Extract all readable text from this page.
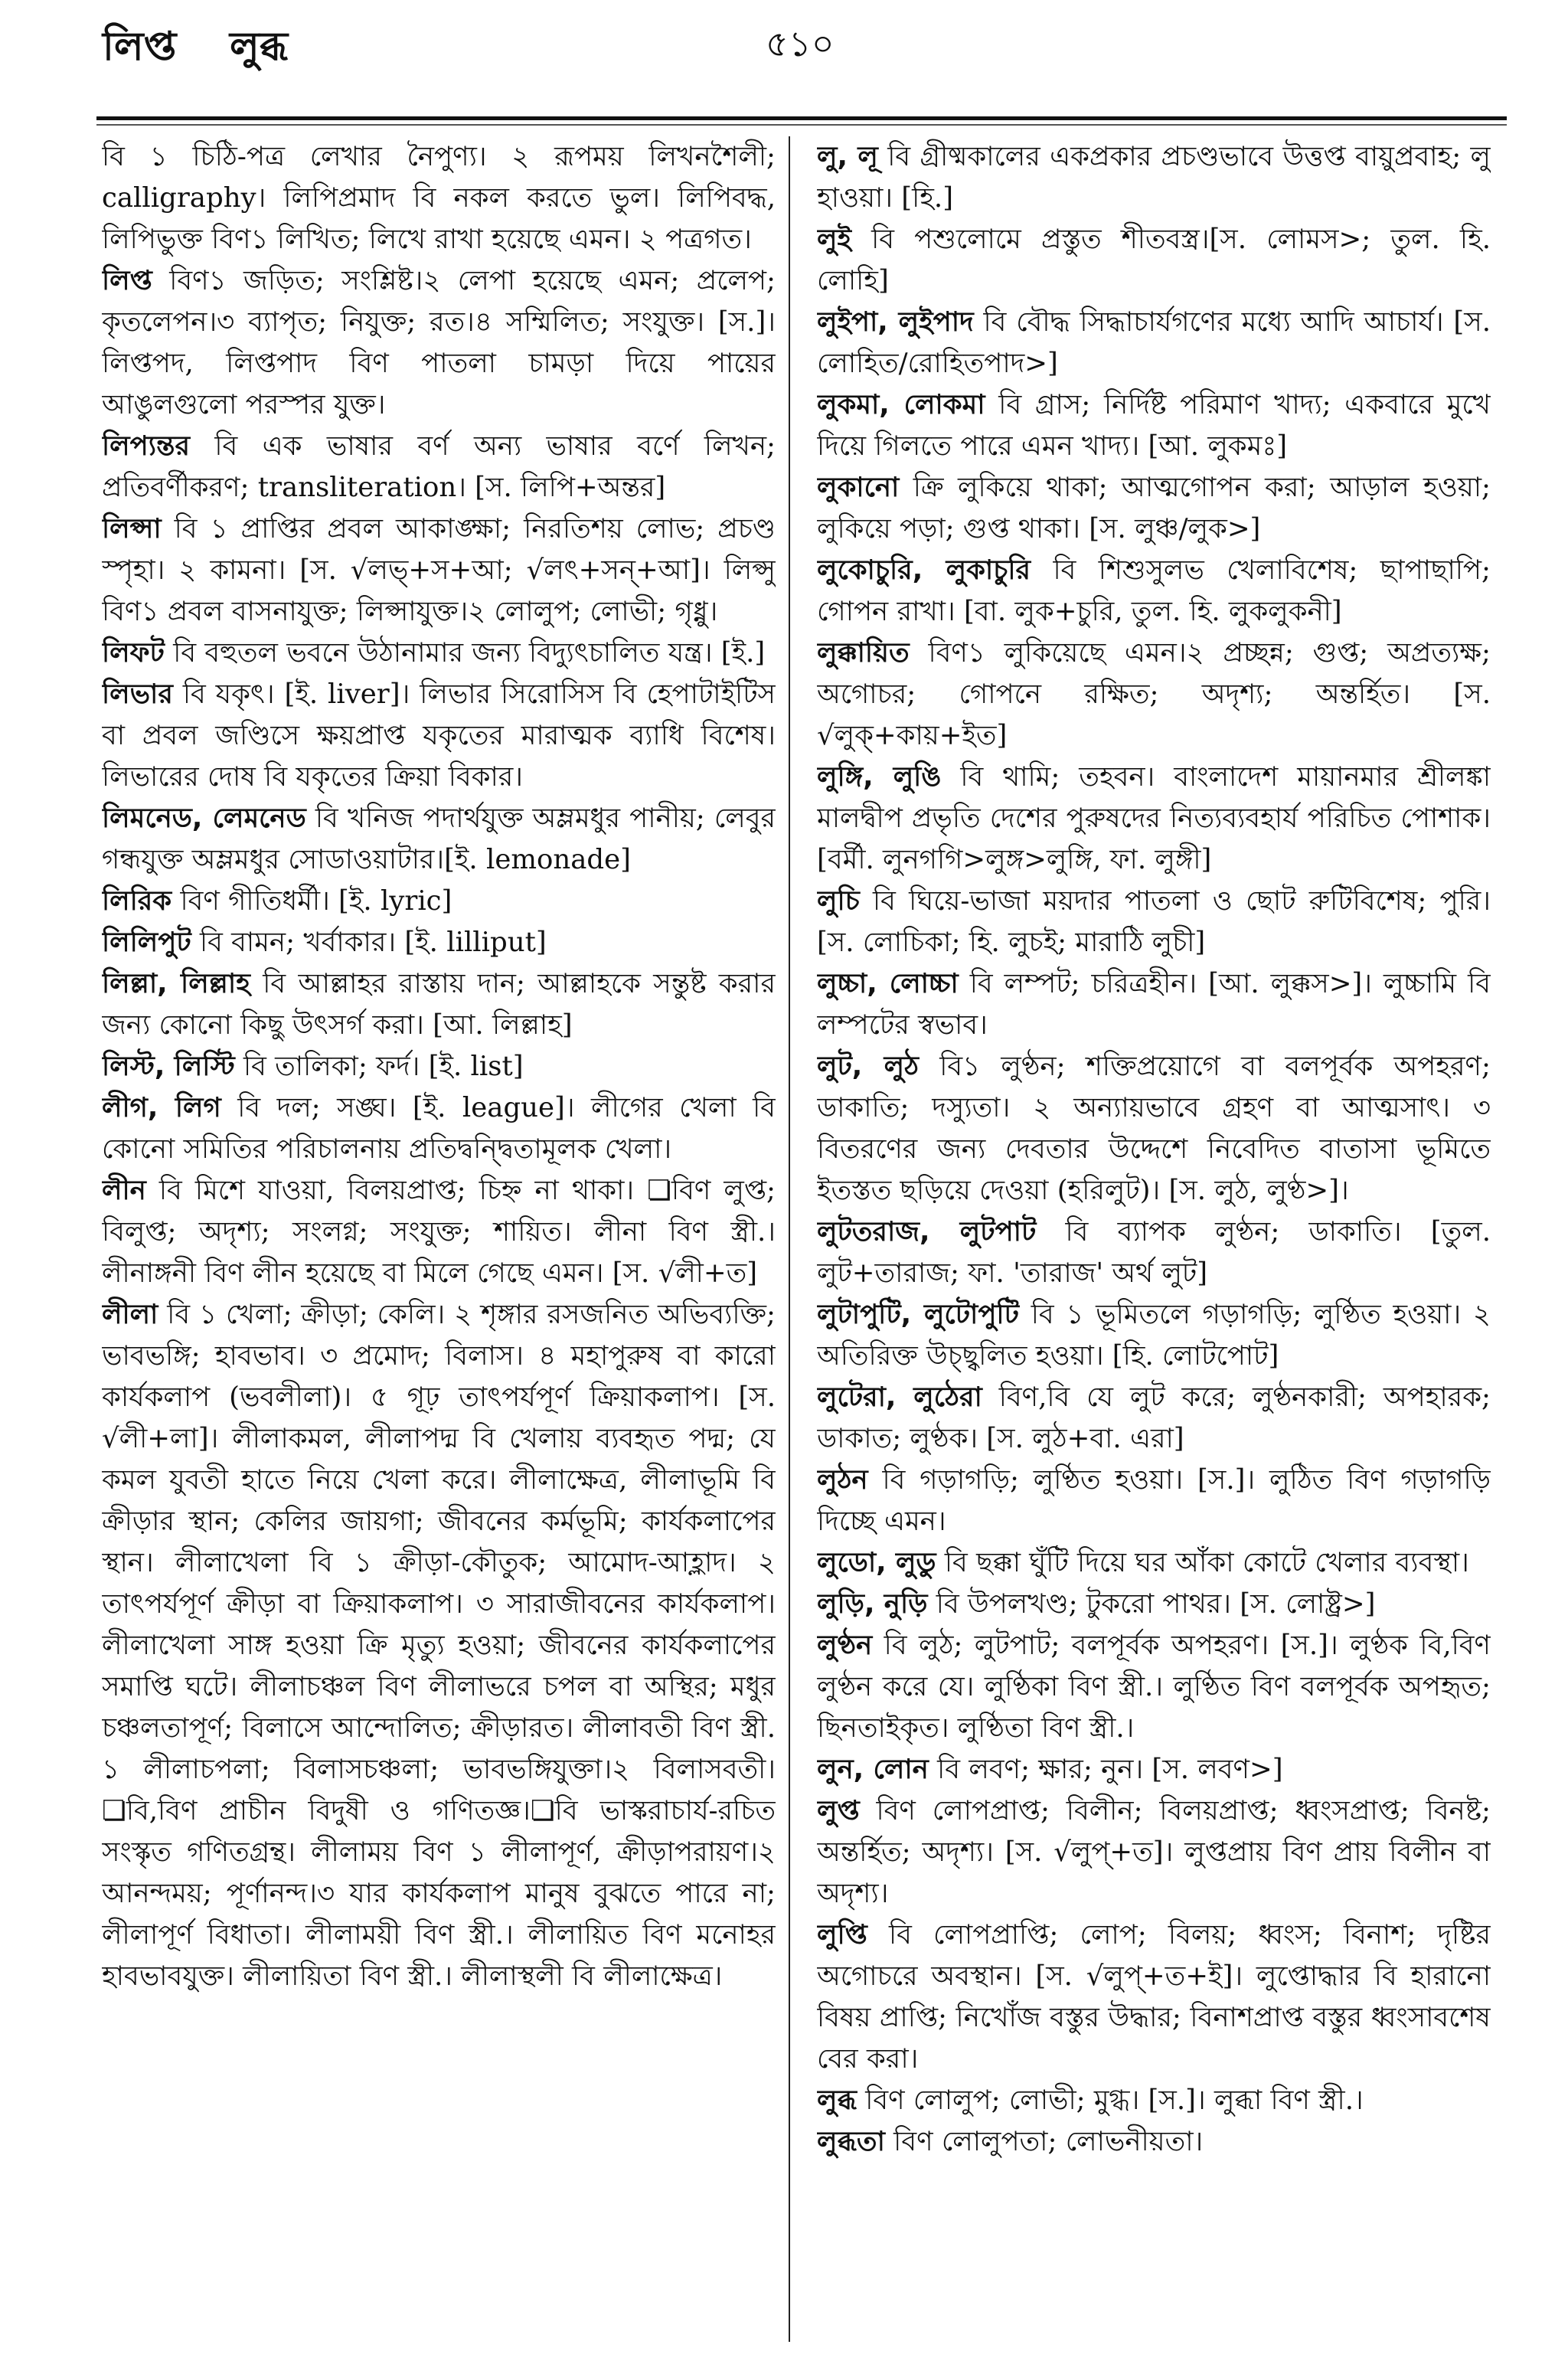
লিপ্ত লুব্ধ	৫১০

বি ১ চিঠি-পত্র লেখার নৈপুণ্য। ২ রূপময় লিখনশৈলী; calligraphy। লিপিপ্রমাদ বি নকল করতে ভুল। লিপিবদ্ধ, লিপিভুক্ত বিণ১ লিখিত; লিখে রাখা হয়েছে এমন। ২ পত্রগত।

লিপ্ত বিণ১ জড়িত; সংশ্লিষ্ট।২ লেপা হয়েছে এমন; প্রলেপ; কৃতলেপন।৩ ব্যাপৃত; নিযুক্ত; রত।৪ সম্মিলিত; সংযুক্ত। [স.]। লিপ্তপদ, লিপ্তপাদ বিণ পাতলা চামড়া দিয়ে পায়ের আঙুলগুলো পরস্পর যুক্ত।

লিপ্যন্তর বি এক ভাষার বর্ণ অন্য ভাষার বর্ণে লিখন; প্রতিবর্ণীকরণ; transliteration। [স. লিপি+অন্তর]

লিপ্সা বি ১ প্রাপ্তির প্রবল আকাঙ্ক্ষা; নিরতিশয় লোভ; প্রচণ্ড স্পৃহা। ২ কামনা। [স. √লভ্+স+আ; √লৎ+সন্+আ]। লিপ্সু বিণ১ প্রবল বাসনাযুক্ত; লিপ্সাযুক্ত।২ লোলুপ; লোভী; গৃধ্নু।

লিফট বি বহুতল ভবনে উঠানামার জন্য বিদ্যুৎচালিত যন্ত্র। [ই.]

লিভার বি যকৃৎ। [ই. liver]। লিভার সিরোসিস বি হেপাটাইটিস বা প্রবল জণ্ডিসে ক্ষয়প্রাপ্ত যকৃতের মারাত্মক ব্যাধি বিশেষ। লিভারের দোষ বি যকৃতের ক্রিয়া বিকার।

লিমনেড, লেমনেড বি খনিজ পদার্থযুক্ত অম্লমধুর পানীয়; লেবুর গন্ধযুক্ত অম্লমধুর সোডাওয়াটার।[ই. lemonade]

লিরিক বিণ গীতিধর্মী। [ই. lyric]

লিলিপুট বি বামন; খর্বাকার। [ই. lilliput]

লিল্লা, লিল্লাহ বি আল্লাহর রাস্তায় দান; আল্লাহকে সন্তুষ্ট করার জন্য কোনো কিছু উৎসর্গ করা। [আ. লিল্লাহ]

লিস্ট, লিস্টি বি তালিকা; ফর্দ। [ই. list]

লীগ, লিগ বি দল; সঙ্ঘ। [ই. league]। লীগের খেলা বি কোনো সমিতির পরিচালনায় প্রতিদ্বন্দ্বিতামূলক খেলা।

লীন বি মিশে যাওয়া, বিলয়প্রাপ্ত; চিহ্ন না থাকা। ❏বিণ লুপ্ত; বিলুপ্ত; অদৃশ্য; সংলগ্ন; সংযুক্ত; শায়িত। লীনা বিণ স্ত্রী.। লীনাঙ্গনী বিণ লীন হয়েছে বা মিলে গেছে এমন। [স. √লী+ত]

লীলা বি ১ খেলা; ক্রীড়া; কেলি। ২ শৃঙ্গার রসজনিত অভিব্যক্তি; ভাবভঙ্গি; হাবভাব। ৩ প্রমোদ; বিলাস। ৪ মহাপুরুষ বা কারো কার্যকলাপ (ভবলীলা)। ৫ গূঢ় তাৎপর্যপূর্ণ ক্রিয়াকলাপ। [স. √লী+লা]। লীলাকমল, লীলাপদ্ম বি খেলায় ব্যবহৃত পদ্ম; যে কমল যুবতী হাতে নিয়ে খেলা করে। লীলাক্ষেত্র, লীলাভূমি বি ক্রীড়ার স্থান; কেলির জায়গা; জীবনের কর্মভূমি; কার্যকলাপের স্থান। লীলাখেলা বি ১ ক্রীড়া-কৌতুক; আমোদ-আহ্লাদ। ২ তাৎপর্যপূর্ণ ক্রীড়া বা ক্রিয়াকলাপ। ৩ সারাজীবনের কার্যকলাপ। লীলাখেলা সাঙ্গ হওয়া ক্রি মৃত্যু হওয়া; জীবনের কার্যকলাপের সমাপ্তি ঘটে। লীলাচঞ্চল বিণ লীলাভরে চপল বা অস্থির; মধুর চঞ্চলতাপূর্ণ; বিলাসে আন্দোলিত; ক্রীড়ারত। লীলাবতী বিণ স্ত্রী. ১ লীলাচপলা; বিলাসচঞ্চলা; ভাবভঙ্গিযুক্তা।২ বিলাসবতী। ❏বি,বিণ প্রাচীন বিদুষী ও গণিতজ্ঞ।❏বি ভাস্করাচার্য-রচিত সংস্কৃত গণিতগ্রন্থ। লীলাময় বিণ ১ লীলাপূর্ণ, ক্রীড়াপরায়ণ।২ আনন্দময়; পূর্ণানন্দ।৩ যার কার্যকলাপ মানুষ বুঝতে পারে না; লীলাপূর্ণ বিধাতা। লীলাময়ী বিণ স্ত্রী.। লীলায়িত বিণ মনোহর হাবভাবযুক্ত। লীলায়িতা বিণ স্ত্রী.। লীলাস্থলী বি লীলাক্ষেত্র।

লু, লূ বি গ্রীষ্মকালের একপ্রকার প্রচণ্ডভাবে উত্তপ্ত বায়ুপ্রবাহ; লু হাওয়া। [হি.]

লুই বি পশুলোমে প্রস্তুত শীতবস্ত্র।[স. লোমস>; তুল. হি. লোহি]

লুইপা, লুইপাদ বি বৌদ্ধ সিদ্ধাচার্যগণের মধ্যে আদি আচার্য। [স. লোহিত/রোহিতপাদ>]

লুকমা, লোকমা বি গ্রাস; নির্দিষ্ট পরিমাণ খাদ্য; একবারে মুখে দিয়ে গিলতে পারে এমন খাদ্য। [আ. লুকমঃ]

লুকানো ক্রি লুকিয়ে থাকা; আত্মগোপন করা; আড়াল হওয়া; লুকিয়ে পড়া; গুপ্ত থাকা। [স. লুঞ্চ/লুক>]

লুকোচুরি, লুকাচুরি বি শিশুসুলভ খেলাবিশেষ; ছাপাছাপি; গোপন রাখা। [বা. লুক+চুরি, তুল. হি. লুকলুকনী]

লুক্কায়িত বিণ১ লুকিয়েছে এমন।২ প্রচ্ছন্ন; গুপ্ত; অপ্রত্যক্ষ; অগোচর; গোপনে রক্ষিত; অদৃশ্য; অন্তর্হিত। [স. √লুক্+কায়+ইত]

লুঙ্গি, লুঙি বি থামি; তহবন। বাংলাদেশ মায়ানমার শ্রীলঙ্কা মালদ্বীপ প্রভৃতি দেশের পুরুষদের নিত্যব্যবহার্য পরিচিত পোশাক। [বর্মী. লুনগগি>লুঙ্গ>লুঙ্গি, ফা. লুঙ্গী]

লুচি বি ঘিয়ে-ভাজা ময়দার পাতলা ও ছোট রুটিবিশেষ; পুরি। [স. লোচিকা; হি. লুচই; মারাঠি লুচী]

লুচ্চা, লোচ্চা বি লম্পট; চরিত্রহীন। [আ. লুক্কস>]। লুচ্চামি বি লম্পটের স্বভাব।

লুট, লুঠ বি১ লুণ্ঠন; শক্তিপ্রয়োগে বা বলপূর্বক অপহরণ; ডাকাতি; দস্যুতা। ২ অন্যায়ভাবে গ্রহণ বা আত্মসাৎ। ৩ বিতরণের জন্য দেবতার উদ্দেশে নিবেদিত বাতাসা ভূমিতে ইতস্তত ছড়িয়ে দেওয়া (হরিলুট)। [স. লুঠ, লুণ্ঠ>]।

লুটতরাজ, লুটপাট বি ব্যাপক লুণ্ঠন; ডাকাতি। [তুল. লুট+তারাজ; ফা. 'তারাজ' অর্থ লুট]

লুটাপুটি, লুটোপুটি বি ১ ভূমিতলে গড়াগড়ি; লুণ্ঠিত হওয়া। ২ অতিরিক্ত উচ্ছ্বলিত হওয়া। [হি. লোটপোট]

লুটেরা, লুঠেরা বিণ,বি যে লুট করে; লুণ্ঠনকারী; অপহারক; ডাকাত; লুণ্ঠক। [স. লুঠ+বা. এরা]

লুঠন বি গড়াগড়ি; লুণ্ঠিত হওয়া। [স.]। লুঠিত বিণ গড়াগড়ি দিচ্ছে এমন।

লুডো, লুডু বি ছক্কা ঘুঁটি দিয়ে ঘর আঁকা কোটে খেলার ব্যবস্থা।

লুড়ি, নুড়ি বি উপলখণ্ড; টুকরো পাথর। [স. লোষ্ট্র>]

লুণ্ঠন বি লুঠ; লুটপাট; বলপূর্বক অপহরণ। [স.]। লুণ্ঠক বি,বিণ লুণ্ঠন করে যে। লুণ্ঠিকা বিণ স্ত্রী.। লুণ্ঠিত বিণ বলপূর্বক অপহৃত; ছিনতাইকৃত। লুণ্ঠিতা বিণ স্ত্রী.।

লুন, লোন বি লবণ; ক্ষার; নুন। [স. লবণ>]

লুপ্ত বিণ লোপপ্রাপ্ত; বিলীন; বিলয়প্রাপ্ত; ধ্বংসপ্রাপ্ত; বিনষ্ট; অন্তর্হিত; অদৃশ্য। [স. √লুপ্+ত]। লুপ্তপ্রায় বিণ প্রায় বিলীন বা অদৃশ্য।

লুপ্তি বি লোপপ্রাপ্তি; লোপ; বিলয়; ধ্বংস; বিনাশ; দৃষ্টির অগোচরে অবস্থান। [স. √লুপ্+ত+ই]। লুপ্তোদ্ধার বি হারানো বিষয় প্রাপ্তি; নিখোঁজ বস্তুর উদ্ধার; বিনাশপ্রাপ্ত বস্তুর ধ্বংসাবশেষ বের করা।

লুব্ধ বিণ লোলুপ; লোভী; মুগ্ধ। [স.]। লুব্ধা বিণ স্ত্রী.।

লুব্ধতা বিণ লোলুপতা; লোভনীয়তা।
